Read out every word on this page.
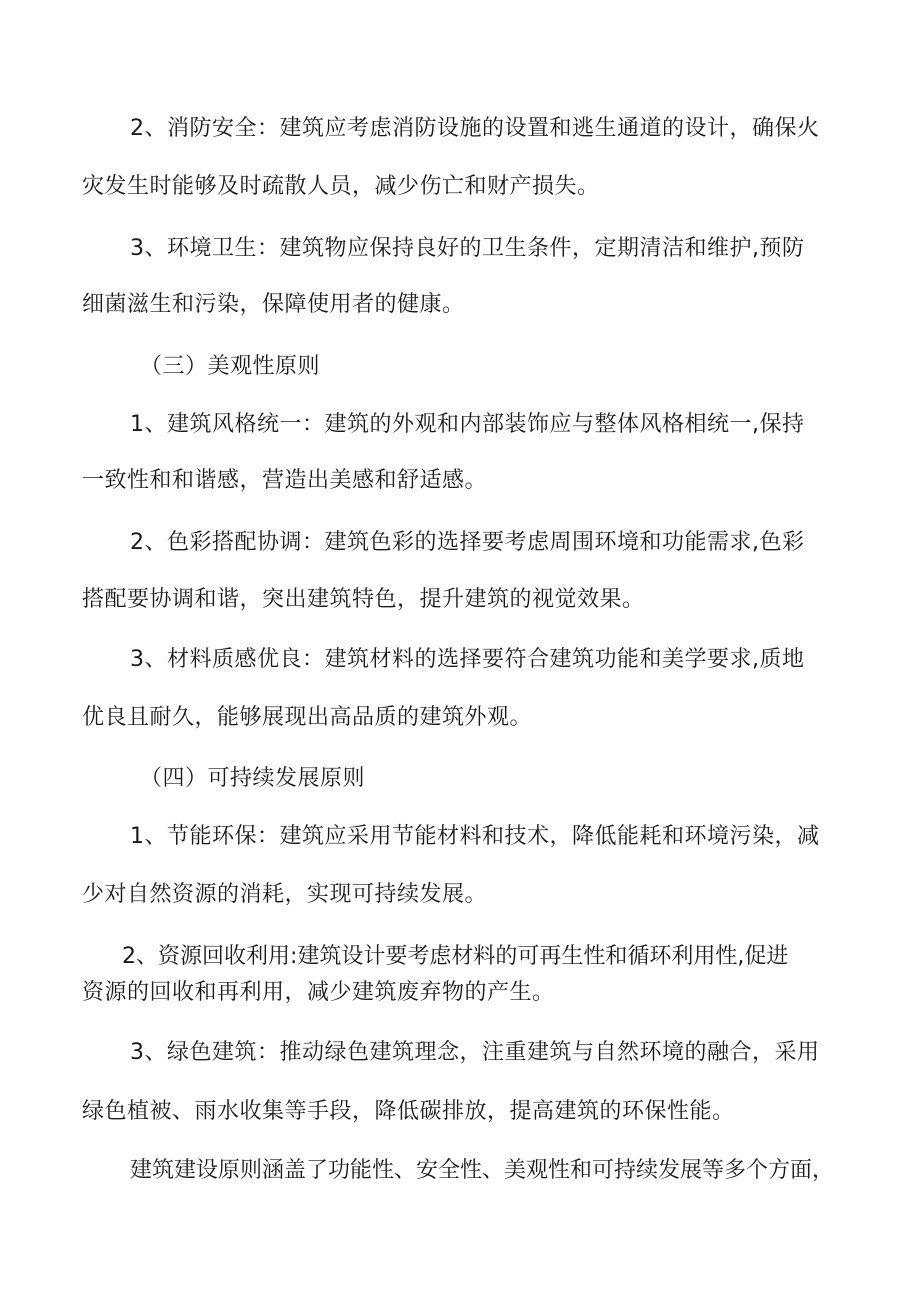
2、消防安全：建筑应考虑消防设施的设置和逃生通道的设计，确保火
灾发生时能够及时疏散人员，减少伤亡和财产损失。
3、环境卫生：建筑物应保持良好的卫生条件，定期清洁和维护,预防
细菌滋生和污染，保障使用者的健康。
（三）美观性原则
1、建筑风格统一：建筑的外观和内部装饰应与整体风格相统一,保持
一致性和和谐感，营造出美感和舒适感。
2、色彩搭配协调：建筑色彩的选择要考虑周围环境和功能需求,色彩
搭配要协调和谐，突出建筑特色，提升建筑的视觉效果。
3、材料质感优良：建筑材料的选择要符合建筑功能和美学要求,质地
优良且耐久，能够展现出高品质的建筑外观。
（四）可持续发展原则
1、节能环保：建筑应采用节能材料和技术，降低能耗和环境污染，减
少对自然资源的消耗，实现可持续发展。
2、资源回收利用:建筑设计要考虑材料的可再生性和循环利用性,促进
资源的回收和再利用，减少建筑废弃物的产生。
3、绿色建筑：推动绿色建筑理念，注重建筑与自然环境的融合，采用
绿色植被、雨水收集等手段，降低碳排放，提高建筑的环保性能。
建筑建设原则涵盖了功能性、安全性、美观性和可持续发展等多个方面，
